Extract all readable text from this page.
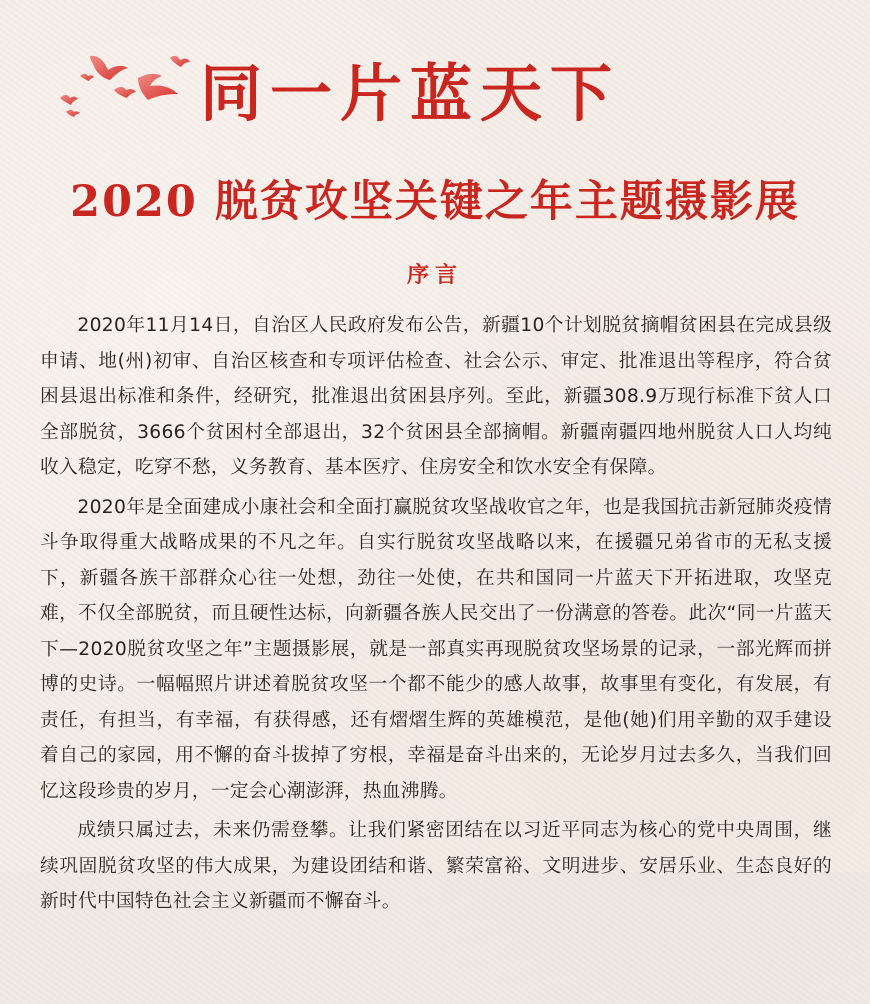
同一片蓝天下
2020 脱贫攻坚关键之年主题摄影展
序言

2020年11月14日，自治区人民政府发布公告，新疆10个计划脱贫摘帽贫困县在完成县级申请、地(州)初审、自治区核查和专项评估检查、社会公示、审定、批准退出等程序，符合贫困县退出标准和条件，经研究，批准退出贫困县序列。至此，新疆308.9万现行标准下贫人口全部脱贫，3666个贫困村全部退出，32个贫困县全部摘帽。新疆南疆四地州脱贫人口人均纯收入稳定，吃穿不愁，义务教育、基本医疗、住房安全和饮水安全有保障。

2020年是全面建成小康社会和全面打赢脱贫攻坚战收官之年，也是我国抗击新冠肺炎疫情斗争取得重大战略成果的不凡之年。自实行脱贫攻坚战略以来，在援疆兄弟省市的无私支援下，新疆各族干部群众心往一处想，劲往一处使，在共和国同一片蓝天下开拓进取，攻坚克难，不仅全部脱贫，而且硬性达标，向新疆各族人民交出了一份满意的答卷。此次“同一片蓝天下—2020脱贫攻坚之年”主题摄影展，就是一部真实再现脱贫攻坚场景的记录，一部光辉而拼博的史诗。一幅幅照片讲述着脱贫攻坚一个都不能少的感人故事，故事里有变化，有发展，有责任，有担当，有幸福，有获得感，还有熠熠生辉的英雄模范，是他(她)们用辛勤的双手建设着自己的家园，用不懈的奋斗拔掉了穷根，幸福是奋斗出来的，无论岁月过去多久，当我们回忆这段珍贵的岁月，一定会心潮澎湃，热血沸腾。

成绩只属过去，未来仍需登攀。让我们紧密团结在以习近平同志为核心的党中央周围，继续巩固脱贫攻坚的伟大成果，为建设团结和谐、繁荣富裕、文明进步、安居乐业、生态良好的新时代中国特色社会主义新疆而不懈奋斗。
